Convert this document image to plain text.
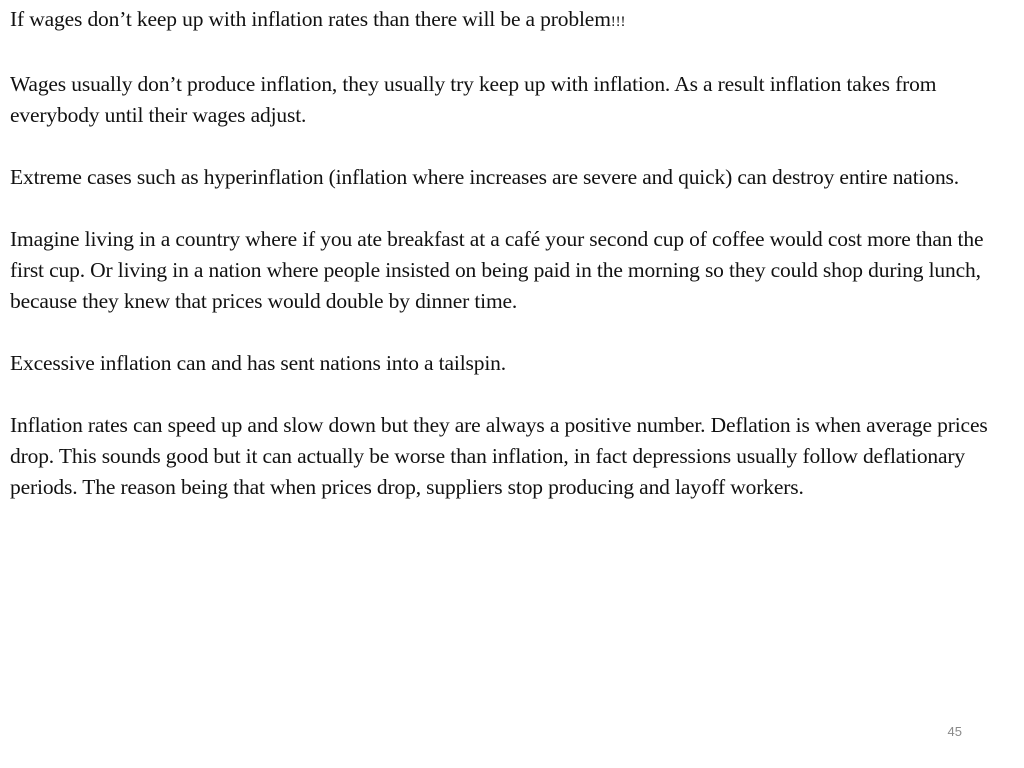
If wages don’t keep up with inflation rates than there will be a problem!!!

Wages usually don’t produce inflation, they usually try keep up with inflation. As a result inflation takes from everybody until their wages adjust.

Extreme cases such as hyperinflation (inflation where increases are severe and quick) can destroy entire nations.

Imagine living in a country where if you ate breakfast at a café your second cup of coffee would cost more than the first cup. Or living in a nation where people insisted on being paid in the morning so they could shop during lunch, because they knew that prices would double by dinner time.

Excessive inflation can and has sent nations into a tailspin.

Inflation rates can speed up and slow down but they are always a positive number. Deflation is when average prices drop. This sounds good but it can actually be worse than inflation, in fact depressions usually follow deflationary periods. The reason being that when prices drop, suppliers stop producing and layoff workers.

45
